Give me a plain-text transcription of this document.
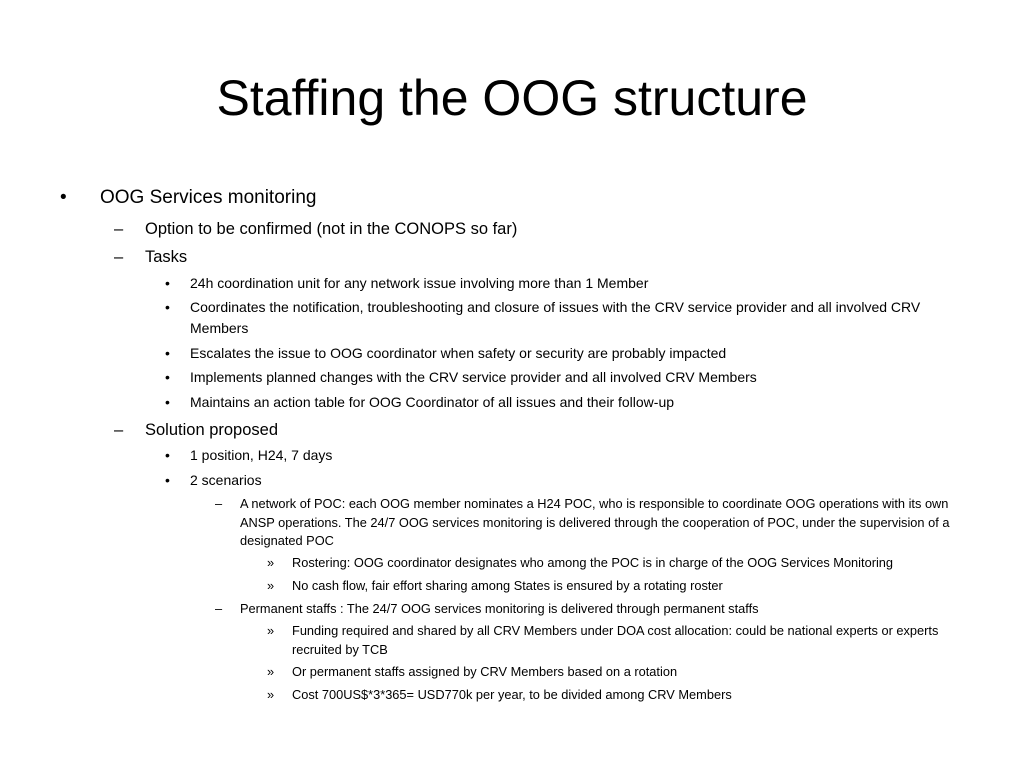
Staffing the OOG structure
• OOG Services monitoring
– Option to be confirmed (not in the CONOPS so far)
– Tasks
• 24h coordination unit for any network issue involving more than 1 Member
• Coordinates the notification, troubleshooting and closure of issues with the CRV service provider and all involved CRV Members
• Escalates the issue to OOG coordinator when safety or security are probably impacted
• Implements planned changes with the CRV service provider and all involved CRV Members
• Maintains an action table for OOG Coordinator of all issues and their follow-up
– Solution proposed
• 1 position, H24, 7 days
• 2 scenarios
– A network of POC: each OOG member nominates a H24 POC, who is responsible to coordinate OOG operations with its own ANSP operations. The 24/7 OOG services monitoring is delivered through the cooperation of POC, under the supervision of a designated POC
» Rostering: OOG coordinator designates who among the POC is in charge of the OOG Services Monitoring
» No cash flow, fair effort sharing among States is ensured by a rotating roster
– Permanent staffs : The 24/7 OOG services monitoring is delivered through permanent staffs
» Funding required and shared by all CRV Members under DOA cost allocation: could be national experts or experts recruited by TCB
» Or permanent staffs assigned by CRV Members based on a rotation
» Cost 700US$*3*365= USD770k per year, to be divided among CRV Members
